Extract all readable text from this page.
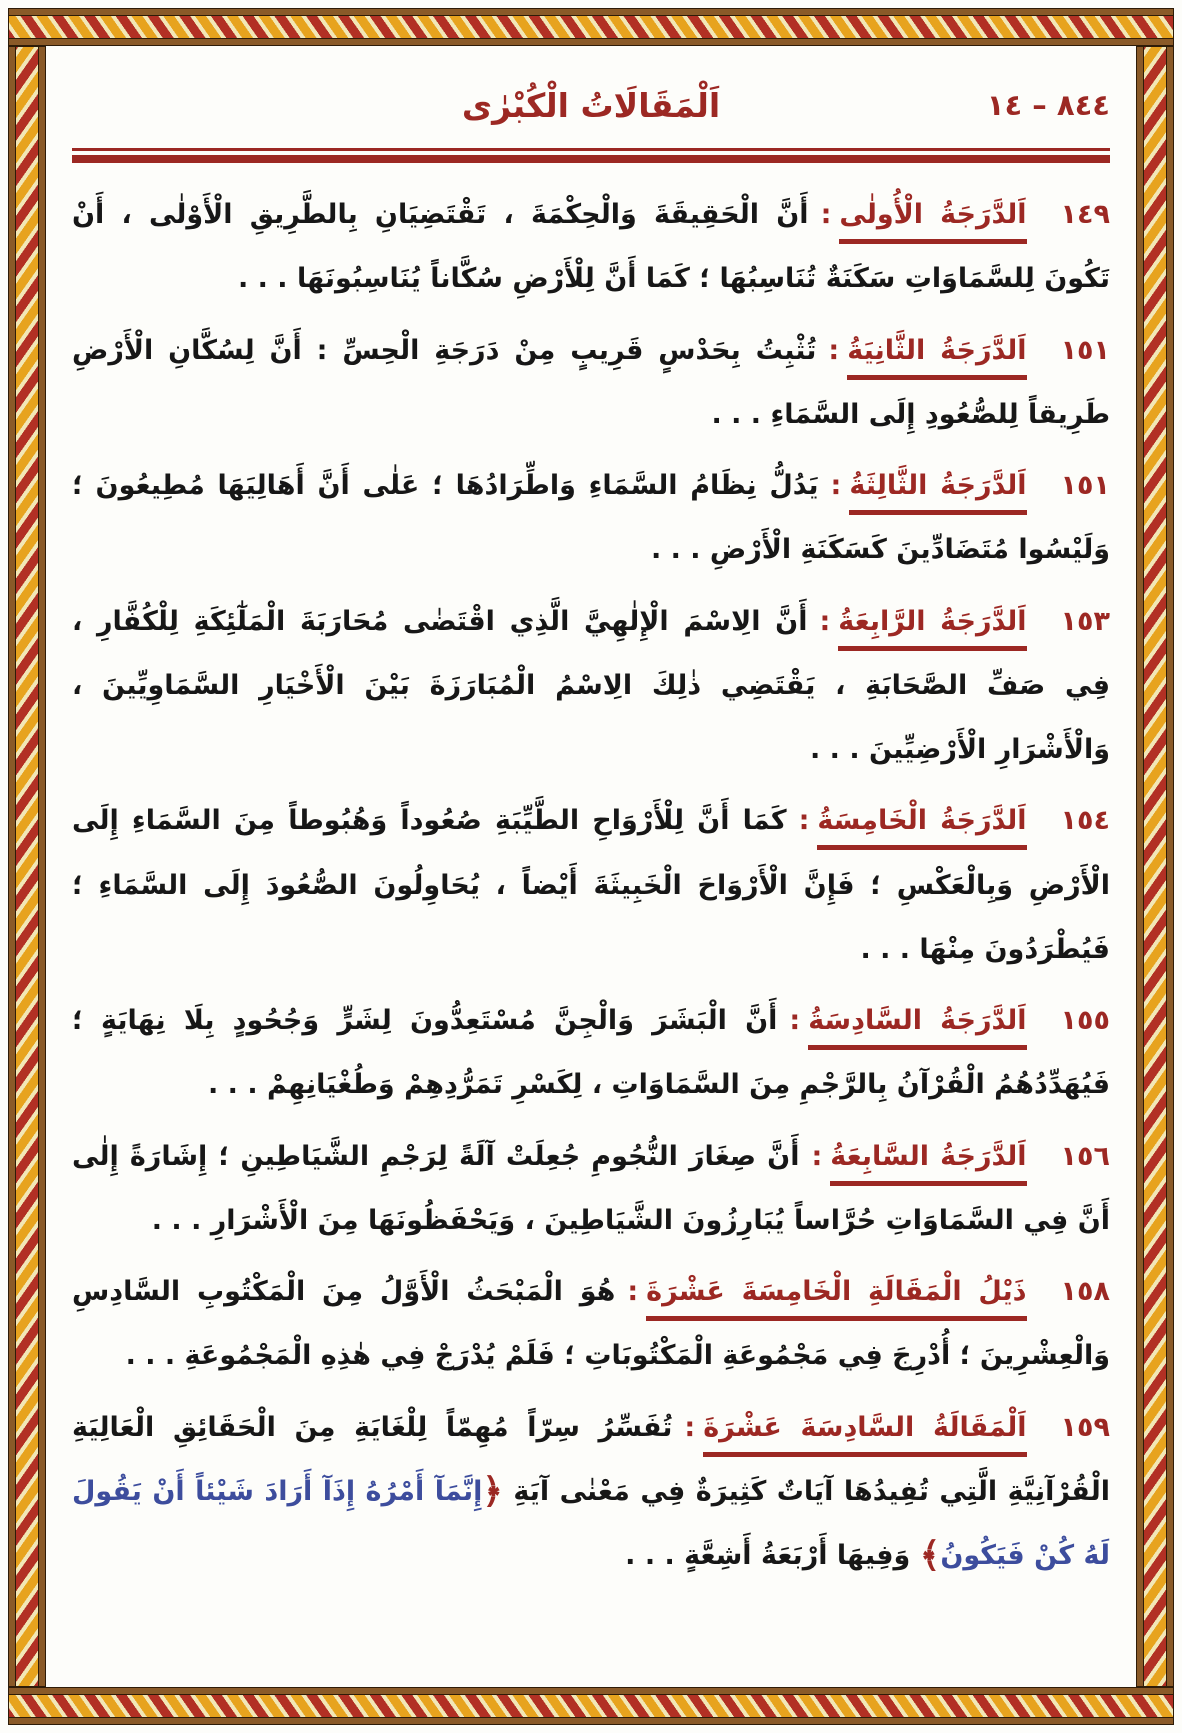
٨٤٤ – ١٤
اَلْمَقَالَاتُ الْكُبْرٰى

١٤٩اَلدَّرَجَةُ الْأُولٰى:أَنَّ الْحَقِيقَةَ وَالْحِكْمَةَ ، تَقْتَضِيَانِ بِالطَّرِيقِ الْأَوْلٰى ، أَنْ تَكُونَ لِلسَّمَاوَاتِ سَكَنَةٌ تُنَاسِبُهَا ؛ كَمَا أَنَّ لِلْأَرْضِ سُكَّاناً يُنَاسِبُونَهَا . . .

١٥١اَلدَّرَجَةُ الثَّانِيَةُ:تُثْبِتُ بِحَدْسٍ قَرِيبٍ مِنْ دَرَجَةِ الْحِسِّ : أَنَّ لِسُكَّانِ الْأَرْضِ طَرِيقاً لِلصُّعُودِ إِلَى السَّمَاءِ . . .

١٥١اَلدَّرَجَةُ الثَّالِثَةُ:يَدُلُّ نِظَامُ السَّمَاءِ وَاطِّرَادُهَا ؛ عَلٰى أَنَّ أَهَالِيَهَا مُطِيعُونَ ؛ وَلَيْسُوا مُتَضَادِّينَ كَسَكَنَةِ الْأَرْضِ . . .

١٥٣اَلدَّرَجَةُ الرَّابِعَةُ:أَنَّ الِاسْمَ الْإِلٰهِيَّ الَّذِي اقْتَضٰى مُحَارَبَةَ الْمَلٰٓئِكَةِ لِلْكُفَّارِ ، فِي صَفِّ الصَّحَابَةِ ، يَقْتَضِي ذٰلِكَ الِاسْمُ الْمُبَارَزَةَ بَيْنَ الْأَخْيَارِ السَّمَاوِيِّينَ ، وَالْأَشْرَارِ الْأَرْضِيِّينَ . . .

١٥٤اَلدَّرَجَةُ الْخَامِسَةُ:كَمَا أَنَّ لِلْأَرْوَاحِ الطَّيِّبَةِ صُعُوداً وَهُبُوطاً مِنَ السَّمَاءِ إِلَى الْأَرْضِ وَبِالْعَكْسِ ؛ فَإِنَّ الْأَرْوَاحَ الْخَبِيثَةَ أَيْضاً ، يُحَاوِلُونَ الصُّعُودَ إِلَى السَّمَاءِ ؛ فَيُطْرَدُونَ مِنْهَا . . .

١٥٥اَلدَّرَجَةُ السَّادِسَةُ:أَنَّ الْبَشَرَ وَالْجِنَّ مُسْتَعِدُّونَ لِشَرٍّ وَجُحُودٍ بِلَا نِهَايَةٍ ؛ فَيُهَدِّدُهُمُ الْقُرْآنُ بِالرَّجْمِ مِنَ السَّمَاوَاتِ ، لِكَسْرِ تَمَرُّدِهِمْ وَطُغْيَانِهِمْ . . .

١٥٦اَلدَّرَجَةُ السَّابِعَةُ:أَنَّ صِغَارَ النُّجُومِ جُعِلَتْ آلَةً لِرَجْمِ الشَّيَاطِينِ ؛ إِشَارَةً إِلٰى أَنَّ فِي السَّمَاوَاتِ حُرَّاساً يُبَارِزُونَ الشَّيَاطِينَ ، وَيَحْفَظُونَهَا مِنَ الْأَشْرَارِ . . .

١٥٨ذَيْلُ الْمَقَالَةِ الْخَامِسَةَ عَشْرَةَ:هُوَ الْمَبْحَثُ الْأَوَّلُ مِنَ الْمَكْتُوبِ السَّادِسِ وَالْعِشْرِينَ ؛ أُدْرِجَ فِي مَجْمُوعَةِ الْمَكْتُوبَاتِ ؛ فَلَمْ يُدْرَجْ فِي هٰذِهِ الْمَجْمُوعَةِ . . .

١٥٩اَلْمَقَالَةُ السَّادِسَةَ عَشْرَةَ:تُفَسِّرُ سِرّاً مُهِمّاً لِلْغَايَةِ مِنَ الْحَقَائِقِ الْعَالِيَةِ الْقُرْآنِيَّةِ الَّتِي تُفِيدُهَا آيَاتٌ كَثِيرَةٌ فِي مَعْنٰى آيَةِ ﴿إِنَّمَآ أَمْرُهُ إِذَآ أَرَادَ شَيْئاً أَنْ يَقُولَ لَهُ كُنْ فَيَكُونُ﴾ وَفِيهَا أَرْبَعَةُ أَشِعَّةٍ . . .
